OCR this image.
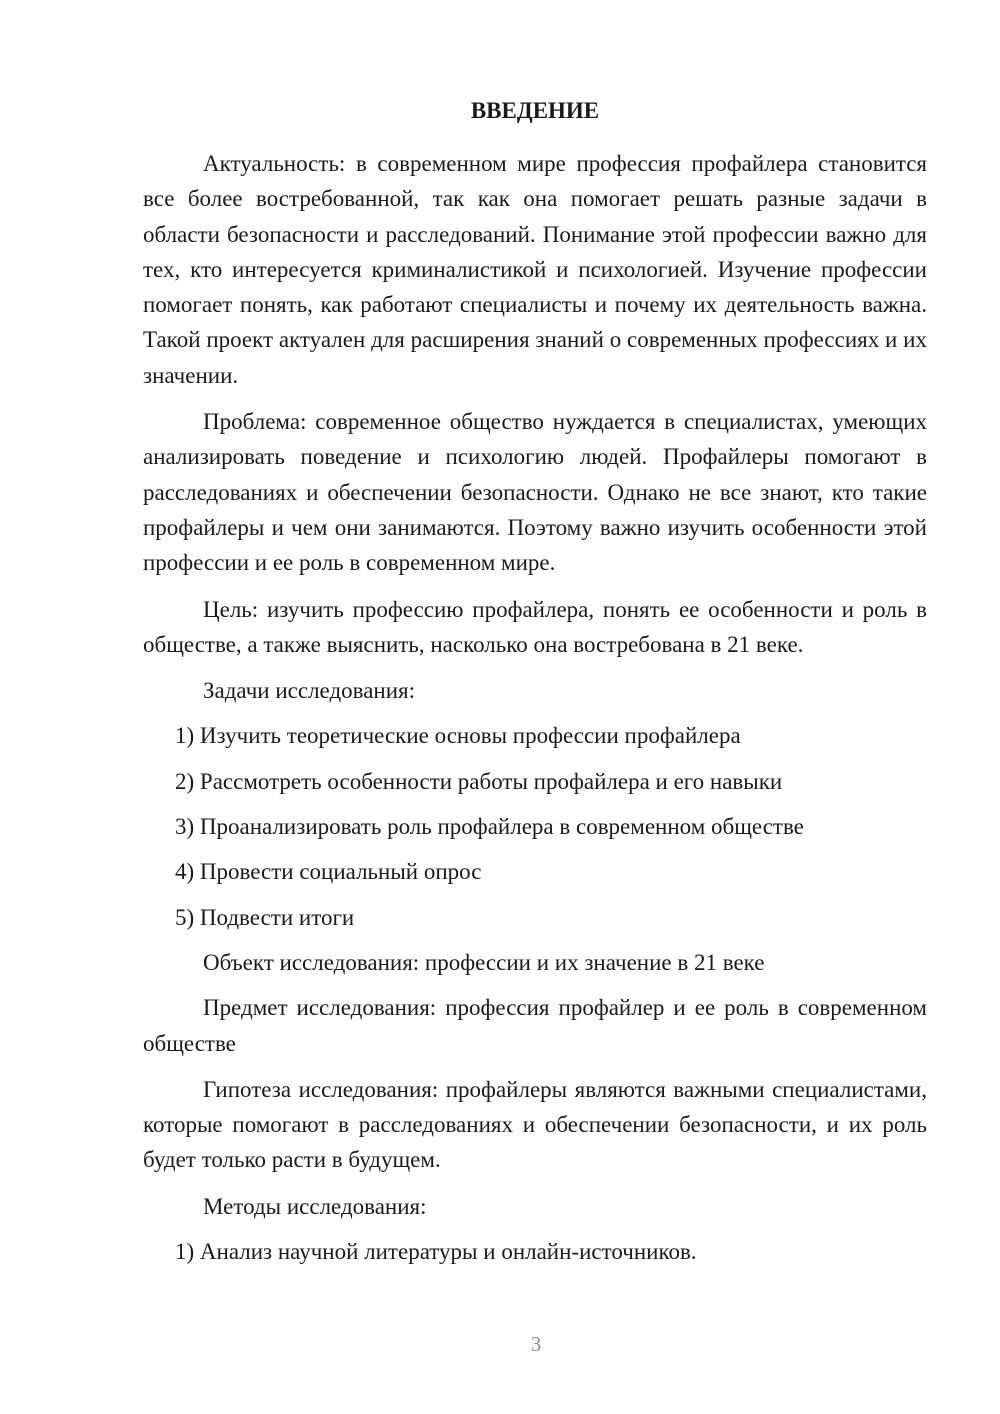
ВВЕДЕНИЕ

Актуальность: в современном мире профессия профайлера становится все более востребованной, так как она помогает решать разные задачи в области безопасности и расследований. Понимание этой профессии важно для тех, кто интересуется криминалистикой и психологией. Изучение профессии помогает понять, как работают специалисты и почему их деятельность важна. Такой проект актуален для расширения знаний о современных профессиях и их значении.

Проблема: современное общество нуждается в специалистах, умеющих анализировать поведение и психологию людей. Профайлеры помогают в расследованиях и обеспечении безопасности. Однако не все знают, кто такие профайлеры и чем они занимаются. Поэтому важно изучить особенности этой профессии и ее роль в современном мире.

Цель: изучить профессию профайлера, понять ее особенности и роль в обществе, а также выяснить, насколько она востребована в 21 веке.

Задачи исследования:
1) Изучить теоретические основы профессии профайлера
2) Рассмотреть особенности работы профайлера и его навыки
3) Проанализировать роль профайлера в современном обществе
4) Провести социальный опрос
5) Подвести итоги
Объект исследования: профессии и их значение в 21 веке

Предмет исследования: профессия профайлер и ее роль в современном обществе

Гипотеза исследования: профайлеры являются важными специалистами, которые помогают в расследованиях и обеспечении безопасности, и их роль будет только расти в будущем.

Методы исследования:
1) Анализ научной литературы и онлайн-источников.
3
